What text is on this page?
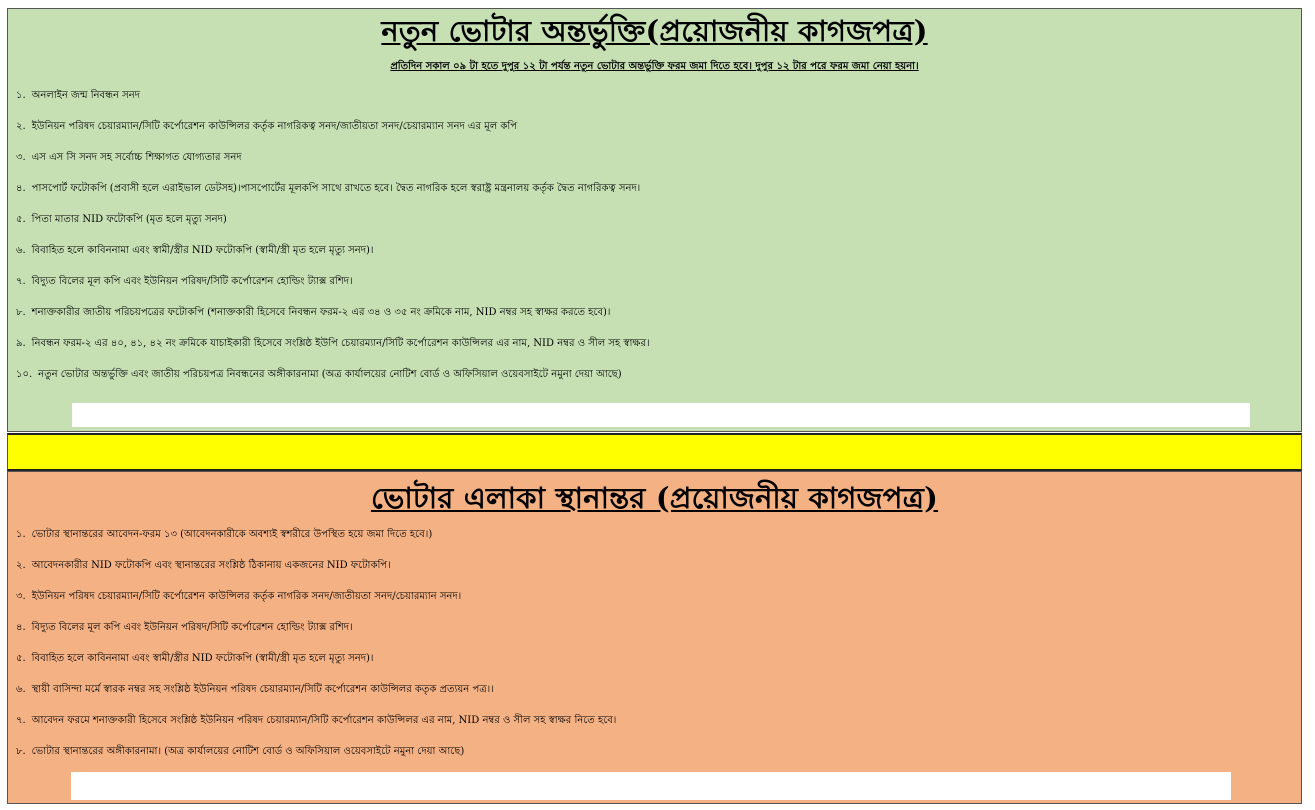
নতুন ভোটার অন্তর্ভুক্তি(প্রয়োজনীয় কাগজপত্র)

প্রতিদিন সকাল ০৯ টা হতে দুপুর ১২ টা পর্যন্ত নতুন ভোটার অন্তর্ভুক্তি ফরম জমা দিতে হবে। দুপুর ১২ টার পরে ফরম জমা নেয়া হয়না।

১. অনলাইন জন্ম নিবন্ধন সনদ
২. ইউনিয়ন পরিষদ চেয়ারম্যান/সিটি কর্পোরেশন কাউন্সিলর কর্তৃক নাগরিকত্ব সনদ/জাতীয়তা সনদ/চেয়ারম্যান সনদ এর মূল কপি
৩. এস এস সি সনদ সহ সর্বোচ্চ শিক্ষাগত যোগ্যতার সনদ
৪. পাসপোর্ট ফটোকপি (প্রবাসী হলে এরাইভাল ডেটসহ)।পাসপোর্টের মূলকপি সাথে রাখতে হবে। দ্বৈত নাগরিক হলে স্বরাষ্ট্র মন্ত্রনালয় কর্তৃক দ্বৈত নাগরিকত্ব সনদ।
৫. পিতা মাতার NID ফটোকপি (মৃত হলে মৃত্যু সনদ)
৬. বিবাহিত হলে কাবিননামা এবং স্বামী/স্ত্রীর NID ফটোকপি (স্বামী/স্ত্রী মৃত হলে মৃত্যু সনদ)।
৭. বিদ্যুত বিলের মূল কপি এবং ইউনিয়ন পরিষদ/সিটি কর্পোরেশন হোল্ডিং ট্যাক্স রশিদ।
৮. শনাক্তকারীর জাতীয় পরিচয়পত্রের ফটোকপি (শনাক্তকারী হিসেবে নিবন্ধন ফরম-২ এর ৩৪ ও ৩৫ নং ক্রমিকে নাম, NID নম্বর সহ স্বাক্ষর করতে হবে)।
৯. নিবন্ধন ফরম-২ এর ৪০, ৪১, ৪২ নং ক্রমিকে যাচাইকারী হিসেবে সংশ্লিষ্ঠ ইউপি চেয়ারম্যান/সিটি কর্পোরেশন কাউন্সিলর এর নাম, NID নম্বর ও সীল সহ স্বাক্ষর।
১০. নতুন ভোটার অন্তর্ভুক্তি এবং জাতীয় পরিচয়পত্র নিবন্ধনের অঙ্গীকারনামা (অত্র কার্যালয়ের নোটিশ বোর্ড ও অফিসিয়াল ওয়েবসাইটে নমুনা দেয়া আছে)
ভোটার এলাকা স্থানান্তর (প্রয়োজনীয় কাগজপত্র)
১. ভোটার স্থানান্তরের আবেদন-ফরম ১৩ (আবেদনকারীকে অবশ্যই স্বশরীরে উপস্থিত হয়ে জমা দিতে হবে।)
২. আবেদনকারীর NID ফটোকপি এবং স্থানান্তরের সংশ্লিষ্ঠ ঠিকানায় একজনের NID ফটোকপি।
৩. ইউনিয়ন পরিষদ চেয়ারম্যান/সিটি কর্পোরেশন কাউন্সিলর কর্তৃক নাগরিক সনদ/জাতীয়তা সনদ/চেয়ারম্যান সনদ।
৪. বিদ্যুত বিলের মূল কপি এবং ইউনিয়ন পরিষদ/সিটি কর্পোরেশন হোল্ডিং ট্যাক্স রশিদ।
৫. বিবাহিত হলে কাবিননামা এবং স্বামী/স্ত্রীর NID ফটোকপি (স্বামী/স্ত্রী মৃত হলে মৃত্যু সনদ)।
৬. স্থায়ী বাসিন্দা মর্মে স্বারক নম্বর সহ সংশ্লিষ্ঠ ইউনিয়ন পরিষদ চেয়ারম্যান/সিটি কর্পোরেশন কাউন্সিলর কতৃক প্রত্যয়ন পত্র।।
৭. আবেদন ফরমে শনাক্তকারী হিসেবে সংশ্লিষ্ঠ ইউনিয়ন পরিষদ চেয়ারম্যান/সিটি কর্পোরেশন কাউন্সিলর এর নাম, NID নম্বর ও সীল সহ স্বাক্ষর নিতে হবে।
৮. ভোটার স্থানান্তরের অঙ্গীকারনামা। (অত্র কার্যালয়ের নোটিশ বোর্ড ও অফিসিয়াল ওয়েবসাইটে নমুনা দেয়া আছে)
